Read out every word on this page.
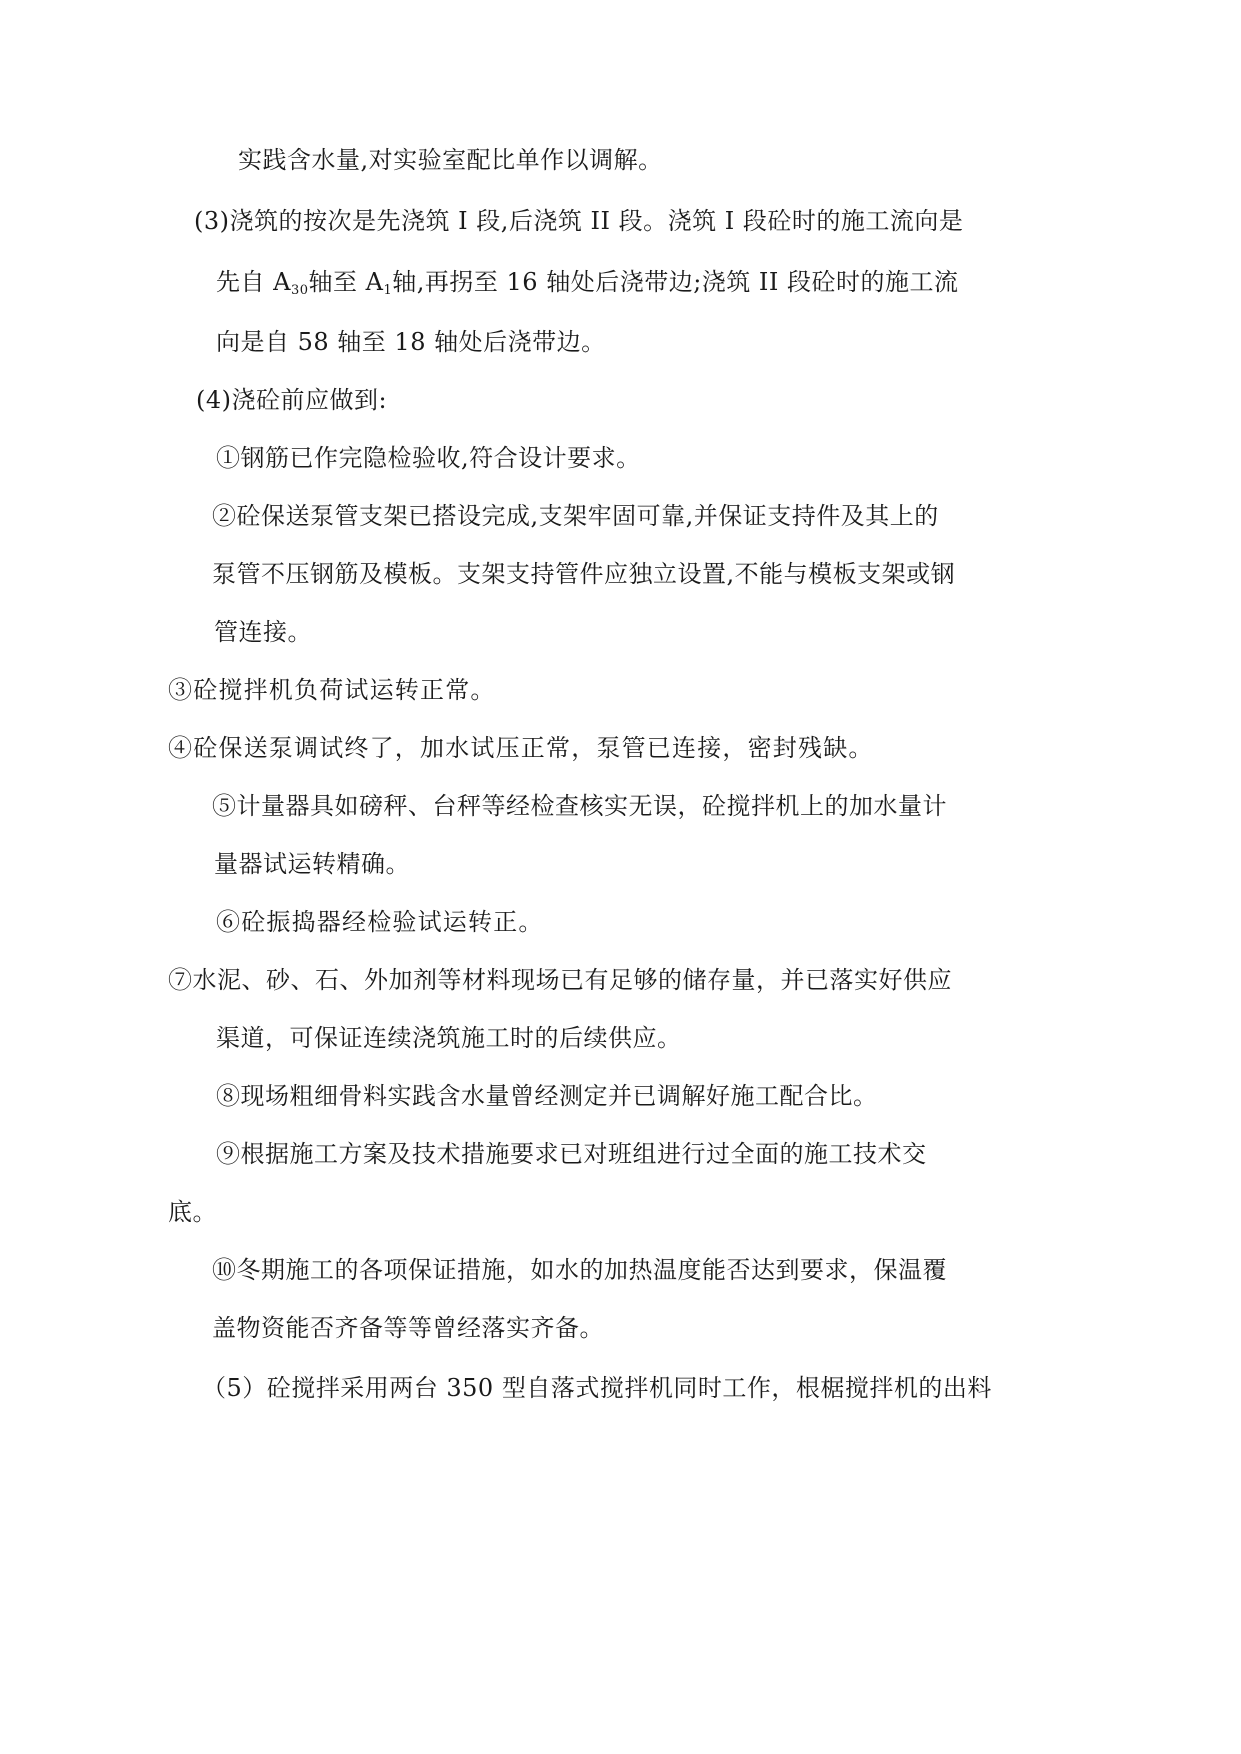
实践含水量,对实验室配比单作以调解。
(3)浇筑的按次是先浇筑 I 段,后浇筑 II 段。浇筑 I 段砼时的施工流向是
先自 $A_{30}$轴至 $A_1$轴,再拐至 16 轴处后浇带边;浇筑 II 段砼时的施工流
向是自 58 轴至 18 轴处后浇带边。
(4)浇砼前应做到:
①钢筋已作完隐检验收,符合设计要求。
②砼保送泵管支架已搭设完成,支架牢固可靠,并保证支持件及其上的
泵管不压钢筋及模板。支架支持管件应独立设置,不能与模板支架或钢
管连接。
③砼搅拌机负荷试运转正常。
④砼保送泵调试终了，加水试压正常，泵管已连接，密封残缺。
⑤计量器具如磅秤、台秤等经检查核实无误，砼搅拌机上的加水量计
量器试运转精确。
⑥砼振捣器经检验试运转正。
⑦水泥、砂、石、外加剂等材料现场已有足够的储存量，并已落实好供应
渠道，可保证连续浇筑施工时的后续供应。
⑧现场粗细骨料实践含水量曾经测定并已调解好施工配合比。
⑨根据施工方案及技术措施要求已对班组进行过全面的施工技术交
底。
⑩冬期施工的各项保证措施，如水的加热温度能否达到要求，保温覆
盖物资能否齐备等等曾经落实齐备。
（5）砼搅拌采用两台 350 型自落式搅拌机同时工作，根椐搅拌机的出料
